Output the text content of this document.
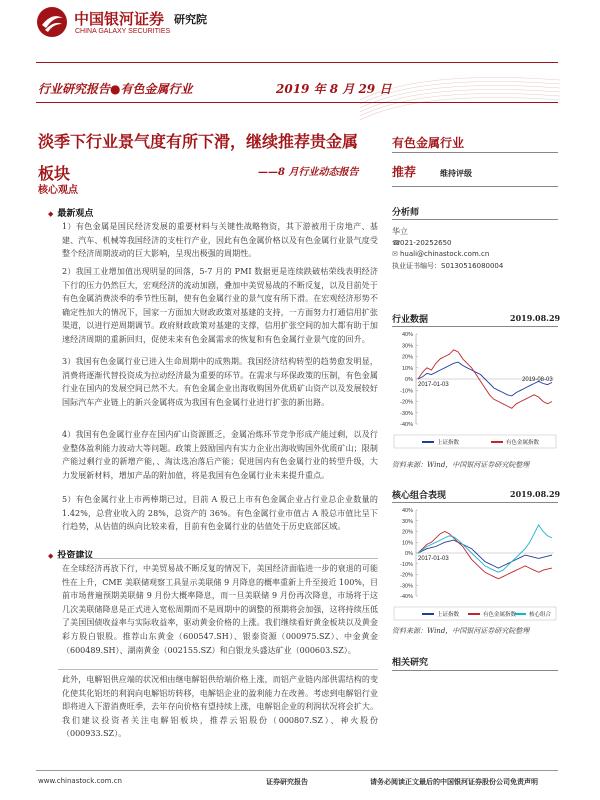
中国银河证券
CHINA GALAXY SECURITIES
研究院
行业研究报告●有色金属行业	2019 年 8 月 29 日
淡季下行业景气度有所下滑，继续推荐贵金属
板块	——8 月行业动态报告
核心观点
◆ 最新观点
1）有色金属是国民经济发展的重要材料与关键性战略物资，其下游被用于房地产、基建、汽车、机械等我国经济的支柱行产业，因此有色金属价格以及有色金属行业景气度受整个经济周期波动的巨大影响，呈现出极强的周期性。
2）我国工业增加值出现明显的回落，5-7 月的 PMI 数据更是连续跌破枯荣线表明经济下行的压力仍然巨大，宏观经济的流动加剧，叠加中美贸易战的不断反复，以及目前处于有色金属消费淡季的季节性压制，使有色金属行业的景气度有所下滑。在宏观经济形势不确定性加大的情况下，国家一方面加大财政政策对基建的支持，一方面努力打通信用扩张渠道，以进行逆周期调节。政府财政政策对基建的支撑，信用扩张空间的加大都有助于加速经济周期的重新回归，促使未来有色金属需求的恢复和有色金属行业景气度的回升。
3）我国有色金属行业已进入生命周期中的成熟期。我国经济结构转型的趋势愈发明显，消费将逐渐代替投资成为拉动经济最为重要的环节。在需求与环保政策的压制，有色金属行业在国内的发展空间已然不大。有色金属企业出海收购国外优质矿山资产以及发展较好国际汽车产业链上的新兴金属将成为我国有色金属行业进行扩张的新出路。
4）我国有色金属行业存在国内矿山资源匮乏，金属冶炼环节竞争形成产能过剩，以及行业整体盈利能力波动大等问题。政策上鼓励国内有实力企业出海收购国外优质矿山；限制产能过剩行业的新增产能，、淘汰选冶落后产能；促进国内有色金属行业的转型升级，大力发展新材料，增加产品的附加值，将是我国有色金属行业未来提升重点。
5）有色金属行业上市两棒期已过，目前 A 股已上市有色金属企业占行业总企业数量的 1.42%，总营业收入的 28%，总资产的 36%。有色金属行业市值占 A 股总市值比呈下行趋势，从估值的纵向比较来看，目前有色金属行业的估值处于历史底部区域。
◆ 投资建议
在全球经济再放下行，中美贸易战不断反复的情况下，美国经济面临进一步的衰退的可能性在上升，CME 美联储观察工具显示美联储 9 月降息的概率重新上升至接近 100%，目前市场普遍预期美联储 9 月份大概率降息，而一旦美联储 9 月份再次降息，市场将于这几次美联储降息是正式进入宽松周期而不是周期中的调整的预期将会加强，这将持续压低了美国国债收益率与实际收益率，驱动黄金价格的上涨。我们继续看好黄金板块以及黄金彩方股白银股。推荐山东黄金（600547.SH）、银泰资源（000975.SZ）、中金黄金（600489.SH）、湖南黄金（002155.SZ）和白银龙头盛达矿业（000603.SZ）。
此外，电解铝供应端的状况相由继电解铝供给端价格上涨，而铝产业链内部供需结构的变化使其化铝坯的利润向电解铝坊转移，电解铝企业的盈利能力在改善。考虑到电解铝行业即将进入下游消费旺季，去年存向价格有望持续上涨，电解铝企业的利润状况将会扩大。我们建议投资者关注电解铝板块，推荐云铝股份（000807.SZ）、神火股份（000933.SZ）。
有色金属行业
推荐	维持评级
分析师
华立
☎021-20252650
✉ huali@chinastock.com.cn
执业证书编号：S0130516080004
行业数据	2019.08.29
40%
30%
20%
10%
0%
-10%
-20%
-30%
-40%
2017-01-03
2019-08-03
上证指数	有色金属指数
资料来源：Wind，中国银河证券研究院整理
核心组合表现	2019.08.29
40%
30%
20%
10%
0%
-10%
-20%
-30%
-40%
2017-01-03
上证指数	有色金属指数 核心组合
资料来源：Wind，中国银河证券研究院整理
相关研究
www.chinastock.com.cn	证券研究报告	请务必阅读正文最后的中国银河证券股份公司免责声明
